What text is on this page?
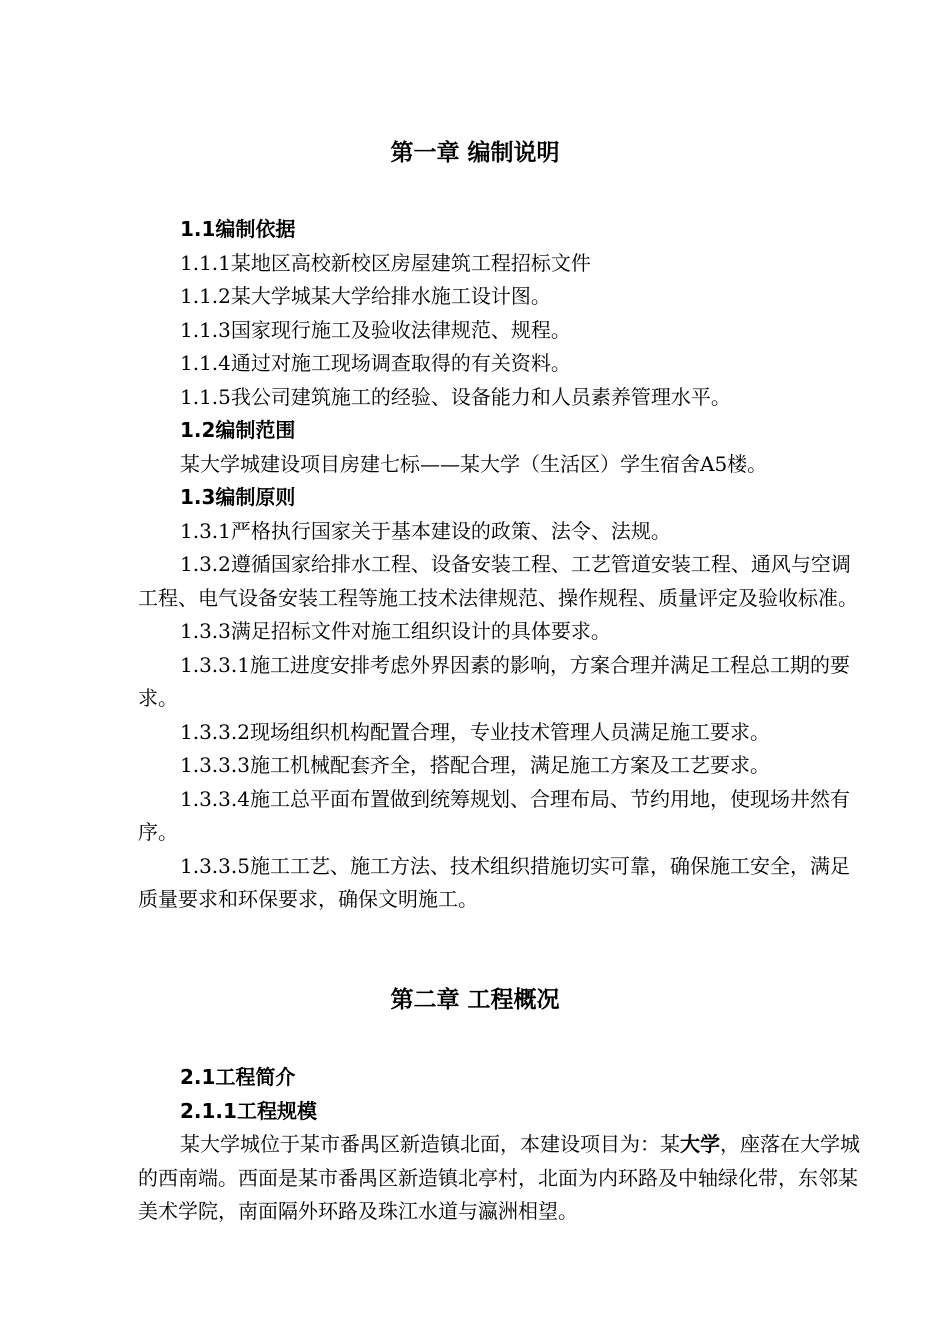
第一章 编制说明

1.1编制依据

1.1.1某地区高校新校区房屋建筑工程招标文件

1.1.2某大学城某大学给排水施工设计图。

1.1.3国家现行施工及验收法律规范、规程。

1.1.4通过对施工现场调查取得的有关资料。

1.1.5我公司建筑施工的经验、设备能力和人员素养管理水平。

1.2编制范围

某大学城建设项目房建七标——某大学（生活区）学生宿舍A5楼。

1.3编制原则

1.3.1严格执行国家关于基本建设的政策、法令、法规。

1.3.2遵循国家给排水工程、设备安装工程、工艺管道安装工程、通风与空调工程、电气设备安装工程等施工技术法律规范、操作规程、质量评定及验收标准。

1.3.3满足招标文件对施工组织设计的具体要求。

1.3.3.1施工进度安排考虑外界因素的影响，方案合理并满足工程总工期的要求。

1.3.3.2现场组织机构配置合理，专业技术管理人员满足施工要求。

1.3.3.3施工机械配套齐全，搭配合理，满足施工方案及工艺要求。

1.3.3.4施工总平面布置做到统筹规划、合理布局、节约用地，使现场井然有序。

1.3.3.5施工工艺、施工方法、技术组织措施切实可靠，确保施工安全，满足质量要求和环保要求，确保文明施工。

第二章 工程概况

2.1工程简介

2.1.1工程规模

某大学城位于某市番禺区新造镇北面，本建设项目为：某大学，座落在大学城的西南端。西面是某市番禺区新造镇北亭村，北面为内环路及中轴绿化带，东邻某美术学院，南面隔外环路及珠江水道与瀛洲相望。
